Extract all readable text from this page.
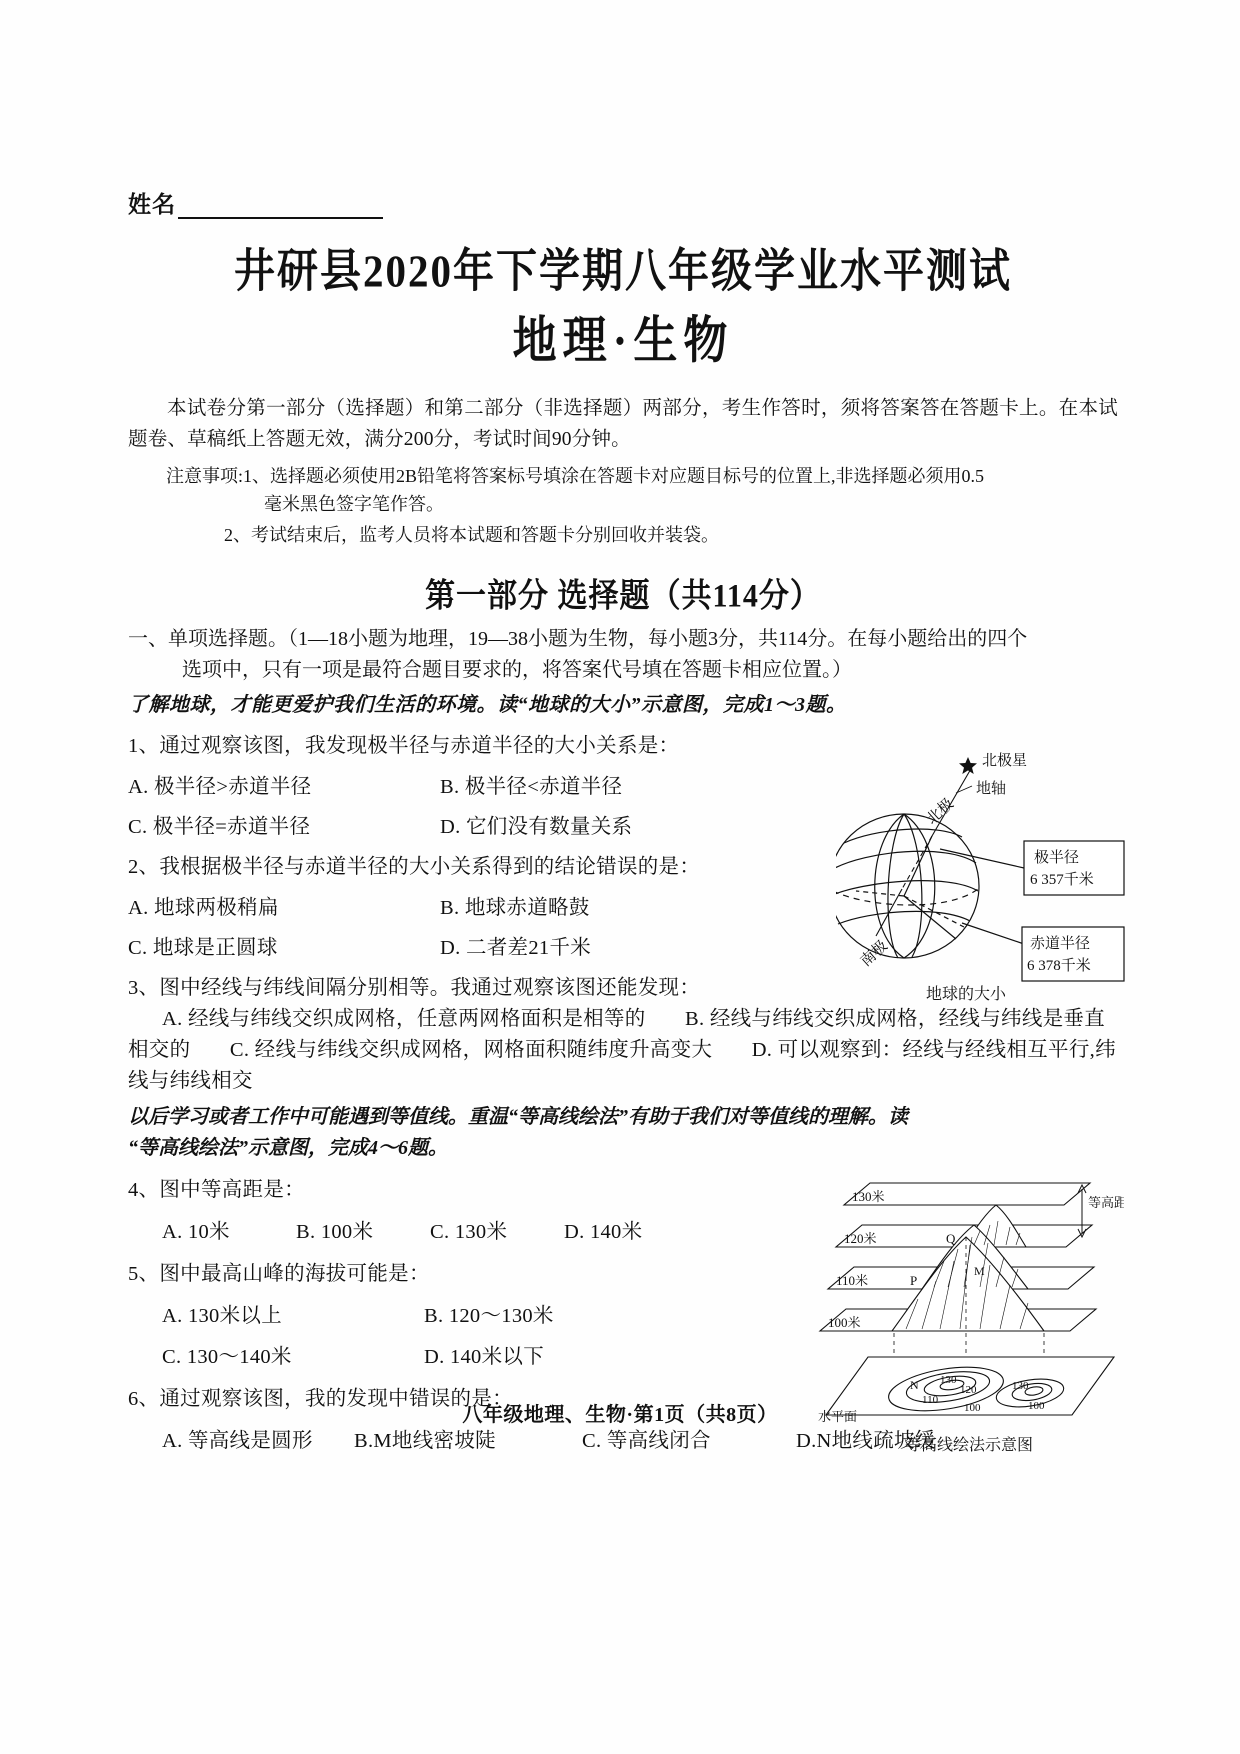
姓名
井研县2020年下学期八年级学业水平测试
地理·生物

本试卷分第一部分（选择题）和第二部分（非选择题）两部分，考生作答时，须将答案答在答题卡上。在本试题卷、草稿纸上答题无效，满分200分，考试时间90分钟。

注意事项:1、选择题必须使用2B铅笔将答案标号填涂在答题卡对应题目标号的位置上,非选择题必须用0.5
毫米黑色签字笔作答。
2、考试结束后，监考人员将本试题和答题卡分别回收并装袋。
第一部分 选择题（共114分）
一、单项选择题。（1—18小题为地理，19—38小题为生物，每小题3分，共114分。在每小题给出的四个
选项中，只有一项是最符合题目要求的，将答案代号填在答题卡相应位置。）
了解地球，才能更爱护我们生活的环境。读“地球的大小”示意图，完成1～3题。
北极星
地轴
北极
南极
极半径
6 357千米
赤道半径
6 378千米
地球的大小
1、通过观察该图，我发现极半径与赤道半径的大小关系是：
A. 极半径>赤道半径	B. 极半径<赤道半径
C. 极半径=赤道半径	D. 它们没有数量关系
2、我根据极半径与赤道半径的大小关系得到的结论错误的是：
A. 地球两极稍扁	B. 地球赤道略鼓
C. 地球是正圆球	D. 二者差21千米
3、图中经线与纬线间隔分别相等。我通过观察该图还能发现：
A. 经线与纬线交织成网格，任意两网格面积是相等的 B. 经线与纬线交织成网格，经线与纬线是垂直相交的 C. 经线与纬线交织成网格，网格面积随纬度升高变大 D. 可以观察到：经线与经线相互平行,纬线与纬线相交
以后学习或者工作中可能遇到等值线。重温“等高线绘法”有助于我们对等值线的理解。读
“等高线绘法”示意图，完成4～6题。
130米
120米
110米
100米
等高距
Q
P
M
N 130
120
110
100
130
100
水平面
等高线绘法示意图
4、图中等高距是：
A. 10米	B. 100米	C. 130米	D. 140米
5、图中最高山峰的海拔可能是：
A. 130米以上	B. 120～130米
C. 130～140米	D. 140米以下
6、通过观察该图，我的发现中错误的是：
A. 等高线是圆形	B.M地线密坡陡	C. 等高线闭合	D.N地线疏坡缓
八年级地理、生物·第1页（共8页）
